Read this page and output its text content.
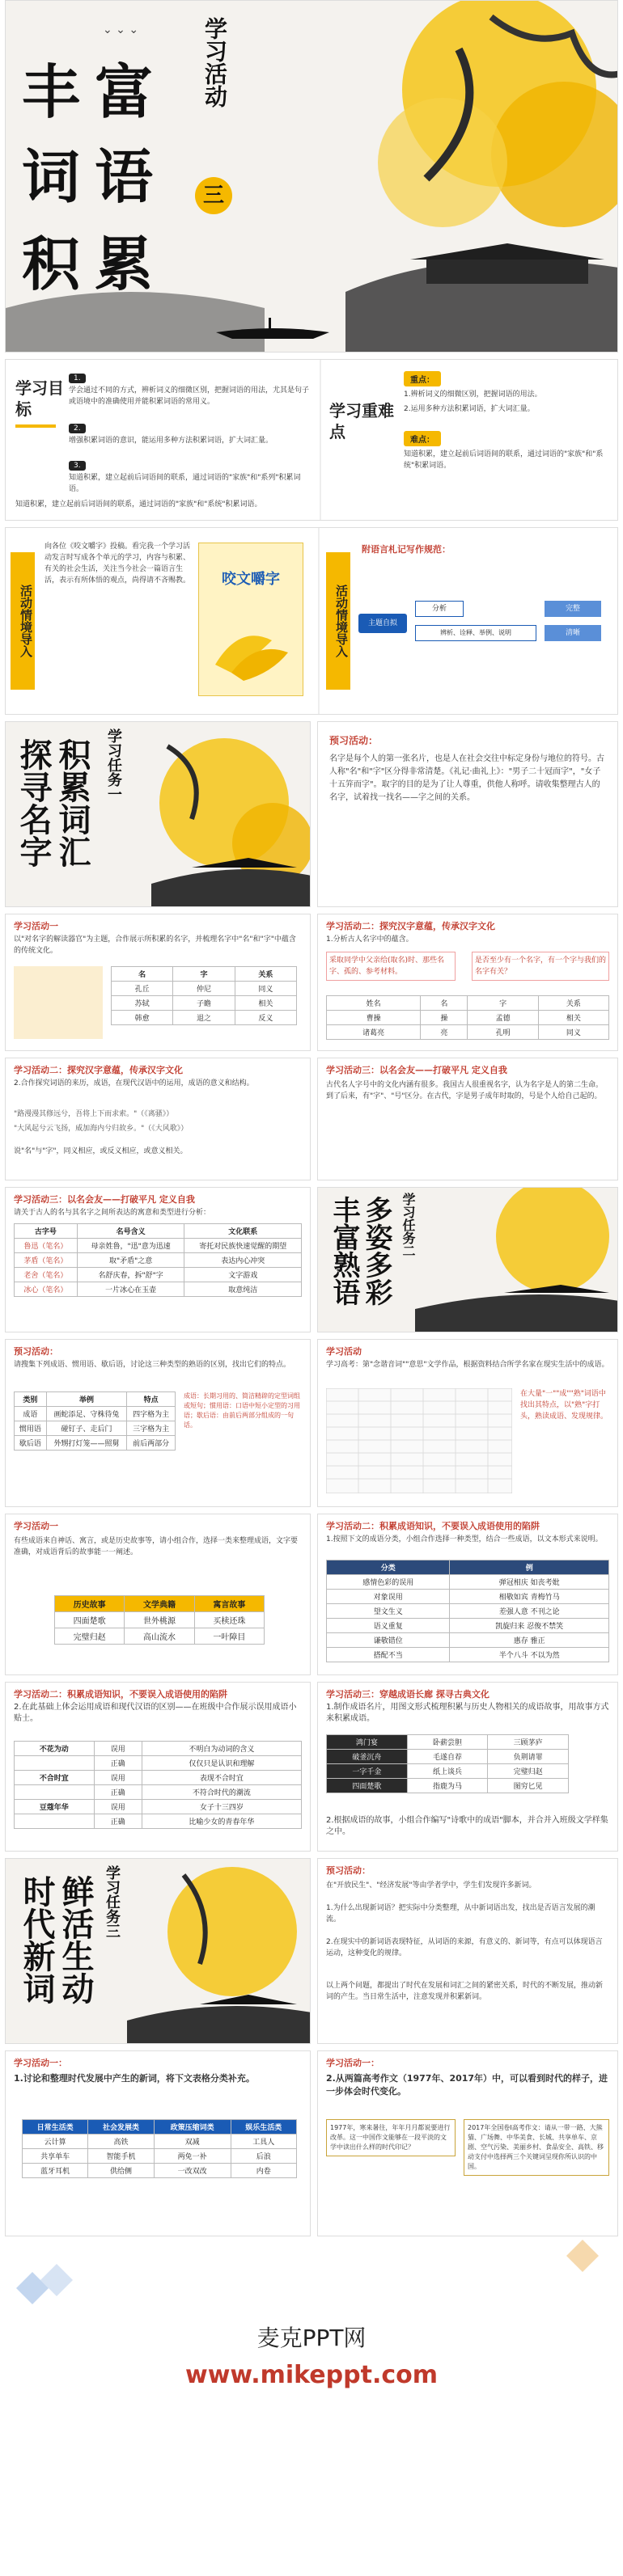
⌄ ⌄ ⌄
丰 富
词 语
积 累
学习活动
三
学习目标
1.
学会通过不同的方式，辨析词义的细微区别，把握词语的用法，尤其是句子或语境中的准确使用并能积累词语的常用义。
2.
增强积累词语的意识，能运用多种方法积累词语，扩大词汇量。
3.
知道积累，建立起前后词语间的联系，通过词语的"家族"和"系列"积累词语。
知道积累，建立起前后词语间的联系，通过词语的"家族"和"系统"积累词语。
学习重难点
重点：
1.辨析词义的细微区别，把握词语的用法。
2.运用多种方法积累词语，扩大词汇量。
难点：
知道积累，建立起前后词语间的联系，通过词语的"家族"和"系统"积累词语。
活动情境导入
向各位《咬文嚼字》投稿。看完我一个学习活动发言时写成各个单元的学习，内容与积累、有关的社会生活，关注当今社会一篇语言生活，表示有所体悟的观点，尚得请不吝赐教。	咬文嚼字
活动情境导入
附语言札记写作规范：
主题自拟
分析
辨析、诠释、举例、说明
完整
清晰
积累词汇 探寻名字	学习任务一	预习活动：
名字是每个人的第一张名片，也是人在社会交往中标定身份与地位的符号。古人称"名"和"字"区分得非常清楚。《礼记·曲礼上》："男子二十冠而字"，"女子十五笄而字"。取字的目的是为了让人尊重，供他人称呼。请收集整理古人的名字，试着找一找名——字之间的关系。
学习活动一
以"对名字的解读器官"为主题，合作展示所积累的名字，并梳理名字中"名"和"字"中蕴含的传统文化。
名	字	关系
孔丘	仲尼	同义
苏轼	子瞻	相关
韩愈	退之	反义
学习活动二：探究汉字意蕴，传承汉字文化
1.分析古人名字中的蕴含。
采取同学中父亲给(取名)时、那些名字、孤的、参考材料。
是否至少有一个名字，有一个字与我们的名字有关？
姓名	名	字	关系
曹操	操	孟德	相关
诸葛亮	亮	孔明	同义
学习活动二：探究汉字意蕴，传承汉字文化
2.合作探究词语的来历，成语，在现代汉语中的运用，成语的意义和结构。
"路漫漫其修远兮，吾将上下而求索。"（《离骚》）
"大风起兮云飞扬，威加海内兮归故乡。"（《大风歌》）
说"名"与"字"，同义相应，或反义相应，或意义相关。
学习活动三：以名会友——打破平凡 定义自我
古代名人字号中的文化内涵有很多。我国古人很重视名字，认为名字是人的第二生命。到了后来，有"字"、"号"区分。在古代，字是男子成年时取的，号是个人给自己起的。
学习活动三：以名会友——打破平凡 定义自我
请关于古人的名与其名字之间所表达的寓意和类型进行分析：
古字号	名号含义	文化联系
鲁迅（笔名）	母亲姓鲁，"迅"意为迅速	寄托对民族快速觉醒的期望
茅盾（笔名）	取"矛盾"之意	表达内心冲突
老舍（笔名）	名舒庆春，拆"舒"字	文字游戏
冰心（笔名）	一片冰心在玉壶	取意纯洁	多姿多彩 丰富熟语	学习任务二
预习活动：
请搜集下列成语、惯用语、歇后语，讨论这三种类型的熟语的区别，找出它们的特点。
类别	举例	特点
成语	画蛇添足、守株待兔	四字格为主
惯用语	碰钉子、走后门	三字格为主
歇后语	外甥打灯笼——照舅	前后两部分
成语：长期习用的、简洁精辟的定型词组或短句；惯用语：口语中短小定型的习用语；歇后语：由前后两部分组成的一句话。
学习活动
学习高考：第"念谐音词""意思"文学作品，根据资料结合所学名家在现实生活中的成语。
在大量"一""成""熟"词语中找出其特点，以"熟"字打头，熟读成语、发现规律。
学习活动一
有些成语来自神话、寓言，或是历史故事等，请小组合作，选择一类来整理成语，文字要准确，对成语背后的故事能一一阐述。
历史故事	文学典籍	寓言故事
四面楚歌	世外桃源	买椟还珠
完璧归赵	高山流水	一叶障目
学习活动二：积累成语知识，不要误入成语使用的陷阱
1.按照下文的成语分类，小组合作选择一种类型，结合一些成语，以文本形式来说明。
分类	例
感情色彩的误用	弹冠相庆 如丧考妣
对象误用	相敬如宾 青梅竹马
望文生义	差强人意 不刊之论
语义重复	凯旋归来 忍俊不禁笑
谦敬错位	惠存 雅正
搭配不当	半个八斗 不以为然
学习活动二：积累成语知识，不要误入成语使用的陷阱
2.在此基础上体会运用成语和现代汉语的区别——在班级中合作展示误用成语小贴士。
不花为动	误用	不明白为动词的含义
	正确	仅仅只是认识和理解
不合时宜	误用	表现不合时宜
	正确	不符合时代的潮流
豆蔻年华	误用	女子十三四岁
	正确	比喻少女的青春年华
学习活动三：穿越成语长廊 探寻古典文化
1.制作成语名片，用图文形式梳理积累与历史人物相关的成语故事，用故事方式来积累成语。
鸿门宴	卧薪尝胆	三顾茅庐
破釜沉舟	毛遂自荐	负荆请罪
一字千金	纸上谈兵	完璧归赵
四面楚歌	指鹿为马	图穷匕见
2.根据成语的故事，小组合作编写"诗歌中的成语"脚本，并合并入班级文学样集之中。
鲜活生动 时代新词	学习任务三	预习活动：
在"开放民生"、"经济发展"等由学者学中，学生们发现许多新词。
1.为什么出现新词语？把实际中分类整理，从中新词语出发，找出是否语言发展的潮流。
2.在现实中的新词语表现特征，从词语的来源，有意义的、新词等，有点可以体现语言运动，这种变化的规律。
以上两个问题，都提出了时代在发展和词汇之间的紧密关系，时代的不断发展，推动新词的产生。当日常生活中，注意发现并积累新词。
学习活动一：
1.讨论和整理时代发展中产生的新词，将下文表格分类补充。
日常生活类	社会发展类	政策压缩词类	娱乐生活类
云计算	高铁	双减	工具人
共享单车	智能手机	两免一补	后浪
蓝牙耳机	供给侧	一改双改	内卷
学习活动一：
2.从两篇高考作文（1977年、2017年）中，可以看到时代的样子，进一步体会时代变化。
1977年，寒来暑往，年年月月都说要进行改革。这一中国作文能够在一段平淡的文学中读出什么样的时代印记？
2017年全国卷Ⅰ高考作文：请从一带一路、大熊猫、广场舞、中华美食、长城、共享单车、京剧、空气污染、美丽乡村、食品安全、高铁、移动支付中选择两三个关键词呈现你所认识的中国。
麦克PPT网
www.mikeppt.com
